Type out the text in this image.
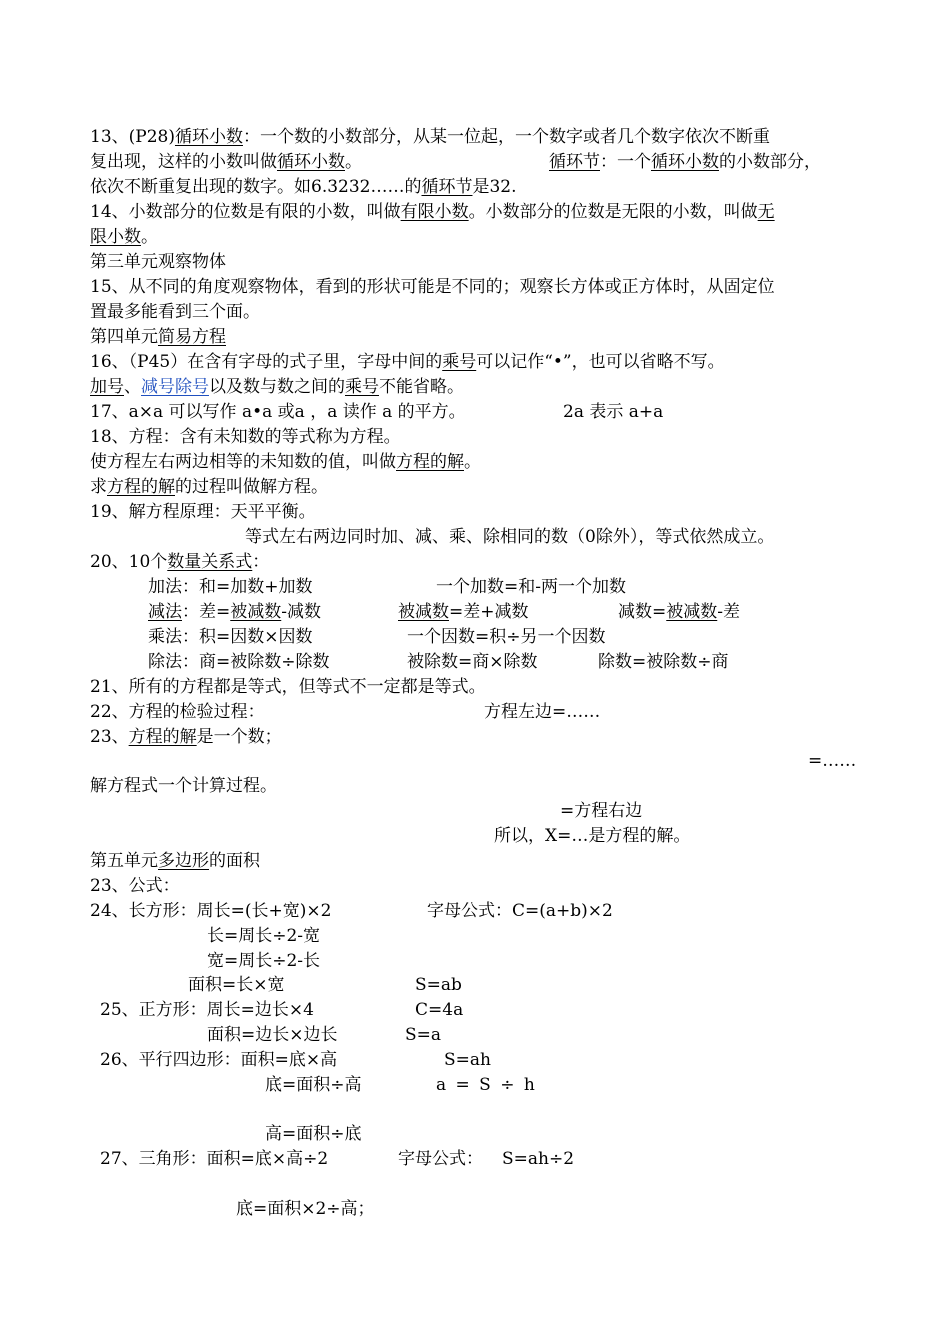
13、(P28)循环小数：一个数的小数部分，从某一位起，一个数字或者几个数字依次不断重
复出现，这样的小数叫做循环小数。	循环节：一个循环小数的小数部分，
依次不断重复出现的数字。如6.3232……的循环节是32.
14、小数部分的位数是有限的小数，叫做有限小数。小数部分的位数是无限的小数，叫做无
限小数。
第三单元观察物体
15、从不同的角度观察物体，看到的形状可能是不同的；观察长方体或正方体时，从固定位
置最多能看到三个面。
第四单元简易方程
16、（P45）在含有字母的式子里，字母中间的乘号可以记作“•”，也可以省略不写。
加号、减号除号以及数与数之间的乘号不能省略。
17、a×a 可以写作 a•a 或a ，a 读作 a 的平方。	2a 表示 a+a
18、方程：含有未知数的等式称为方程。
使方程左右两边相等的未知数的值，叫做方程的解。
求方程的解的过程叫做解方程。
19、解方程原理：天平平衡。
等式左右两边同时加、减、乘、除相同的数（0除外），等式依然成立。
20、10个数量关系式：
加法：和=加数+加数	一个加数=和-两一个加数
减法：差=被减数-减数	被减数=差+减数	减数=被减数-差
乘法：积=因数×因数	一个因数=积÷另一个因数
除法：商=被除数÷除数	被除数=商×除数	除数=被除数÷商
21、所有的方程都是等式，但等式不一定都是等式。
22、方程的检验过程：	方程左边=……
23、方程的解是一个数；
=……
解方程式一个计算过程。
=方程右边
所以，X=…是方程的解。
第五单元多边形的面积
23、公式：
24、长方形：周长=(长+宽)×2	字母公式：C=(a+b)×2
长=周长÷2-宽
宽=周长÷2-长
面积=长×宽	S=ab
25、正方形：周长=边长×4	C=4a
面积=边长×边长	S=a
26、平行四边形：面积=底×高	S=ah
底=面积÷高	a = S ÷ h
高=面积÷底
27、三角形：面积=底×高÷2	字母公式： S=ah÷2
底=面积×2÷高；
